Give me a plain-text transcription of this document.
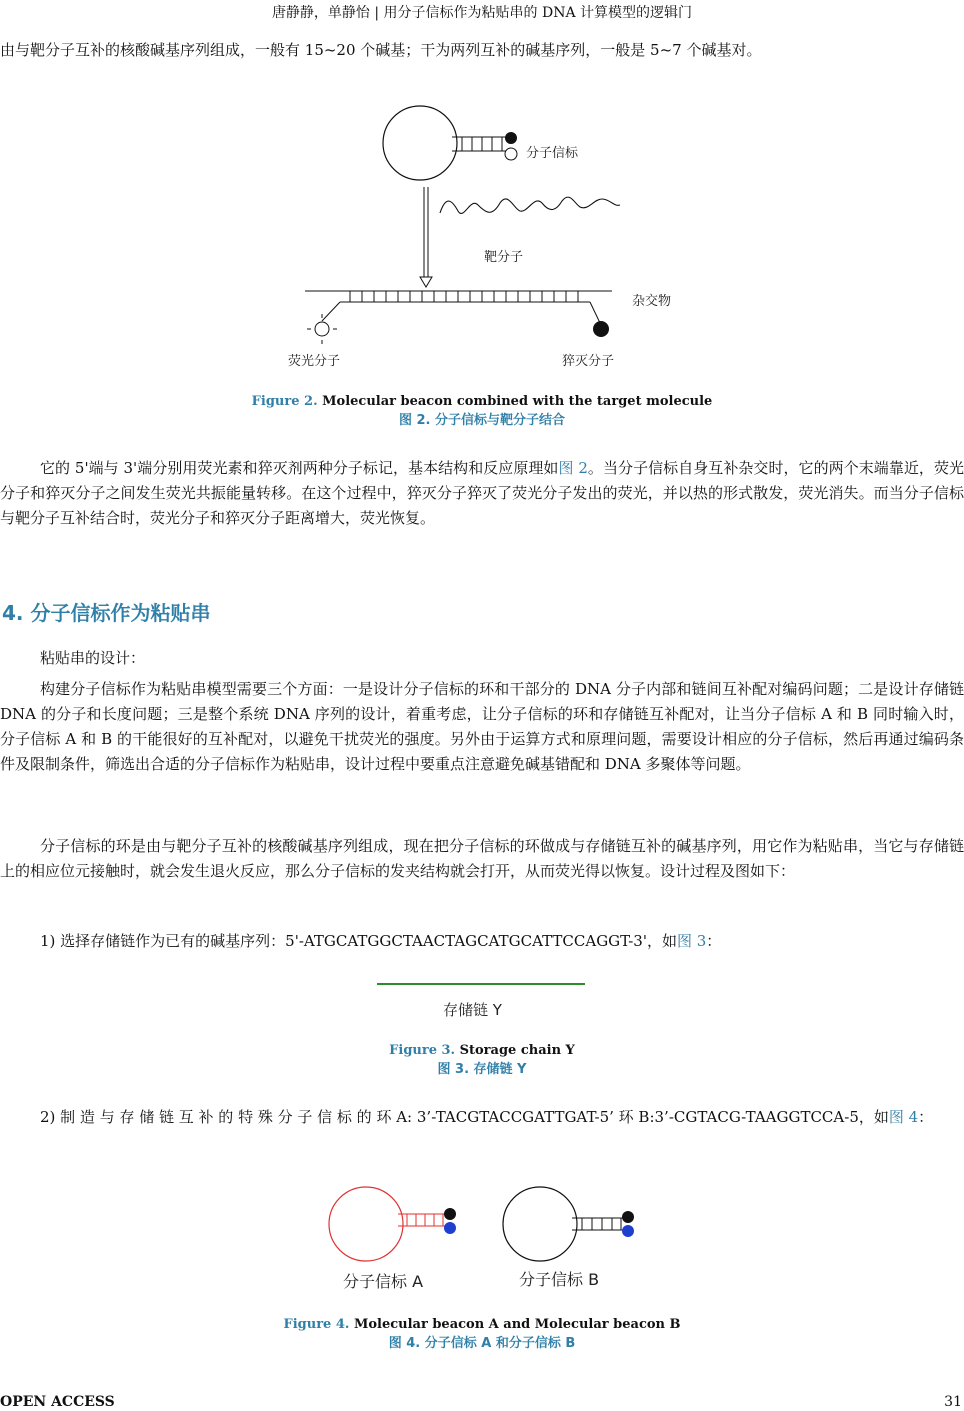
唐静静，单静怡 | 用分子信标作为粘贴串的 DNA 计算模型的逻辑门
由与靶分子互补的核酸碱基序列组成，一般有 15~20 个碱基；干为两列互补的碱基序列，一般是 5~7 个碱基对。
分子信标
靶分子
杂交物
荧光分子	猝灭分子
Figure 2. Molecular beacon combined with the target molecule
图 2. 分子信标与靶分子结合
它的 5'端与 3'端分别用荧光素和猝灭剂两种分子标记，基本结构和反应原理如图 2。当分子信标自身互补杂交时，它的两个末端靠近，荧光分子和猝灭分子之间发生荧光共振能量转移。在这个过程中，猝灭分子猝灭了荧光分子发出的荧光，并以热的形式散发，荧光消失。而当分子信标与靶分子互补结合时，荧光分子和猝灭分子距离增大，荧光恢复。
4. 分子信标作为粘贴串
粘贴串的设计：
构建分子信标作为粘贴串模型需要三个方面：一是设计分子信标的环和干部分的 DNA 分子内部和链间互补配对编码问题；二是设计存储链 DNA 的分子和长度问题；三是整个系统 DNA 序列的设计，着重考虑，让分子信标的环和存储链互补配对，让当分子信标 A 和 B 同时输入时，分子信标 A 和 B 的干能很好的互补配对，以避免干扰荧光的强度。另外由于运算方式和原理问题，需要设计相应的分子信标，然后再通过编码条件及限制条件，筛选出合适的分子信标作为粘贴串，设计过程中要重点注意避免碱基错配和 DNA 多聚体等问题。
分子信标的环是由与靶分子互补的核酸碱基序列组成，现在把分子信标的环做成与存储链互补的碱基序列，用它作为粘贴串，当它与存储链上的相应位元接触时，就会发生退火反应，那么分子信标的发夹结构就会打开，从而荧光得以恢复。设计过程及图如下：
1) 选择存储链作为已有的碱基序列：5'-ATGCATGGCTAACTAGCATGCATTCCAGGT-3'，如图 3：
存储链 Y
Figure 3. Storage chain Y
图 3. 存储链 Y
2) 制 造 与 存 储 链 互 补 的 特 殊 分 子 信 标 的 环 A: 3’-TACGTACCGATTGAT-5’ 环 B:3’-CGTACG-TAAGGTCCA-5，如图 4：
分子信标 A	分子信标 B
Figure 4. Molecular beacon A and Molecular beacon B
图 4. 分子信标 A 和分子信标 B
OPEN ACCESS	31
